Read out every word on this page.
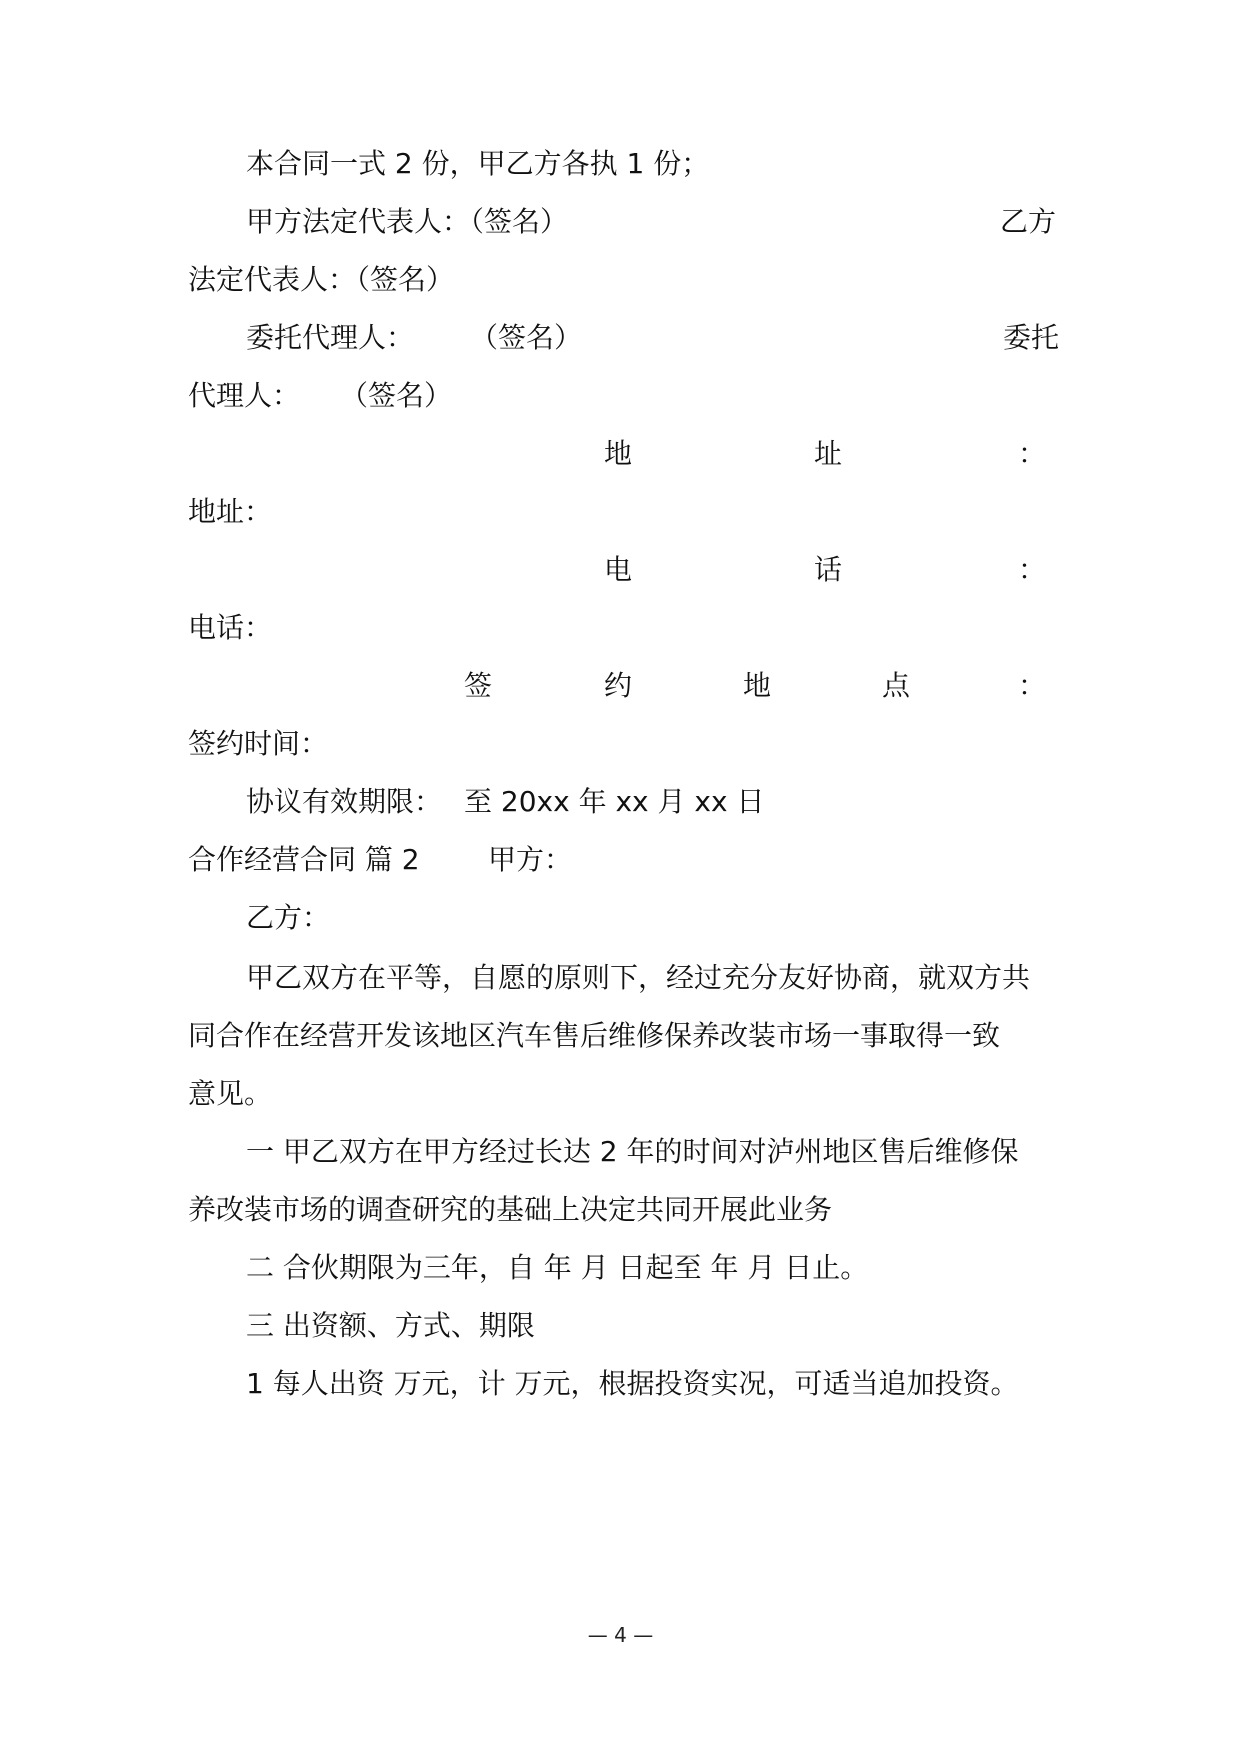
本合同一式 2 份，甲乙方各执 1 份；
甲方法定代表人：（签名）	乙方
法定代表人：（签名）
委托代理人：	（签名）	委托
代理人：	（签名）
地	址	：
地址：
电	话	：
电话：
签	约	地	点	：
签约时间：
协议有效期限： 至 20xx 年 xx 月 xx 日
合作经营合同 篇 2	甲方：
乙方：
甲乙双方在平等，自愿的原则下，经过充分友好协商，就双方共
同合作在经营开发该地区汽车售后维修保养改装市场一事取得一致
意见。
一 甲乙双方在甲方经过长达 2 年的时间对泸州地区售后维修保
养改装市场的调查研究的基础上决定共同开展此业务
二 合伙期限为三年，自 年 月 日起至 年 月 日止。
三 出资额、方式、期限
1 每人出资 万元，计 万元，根据投资实况，可适当追加投资。
— 4 —
